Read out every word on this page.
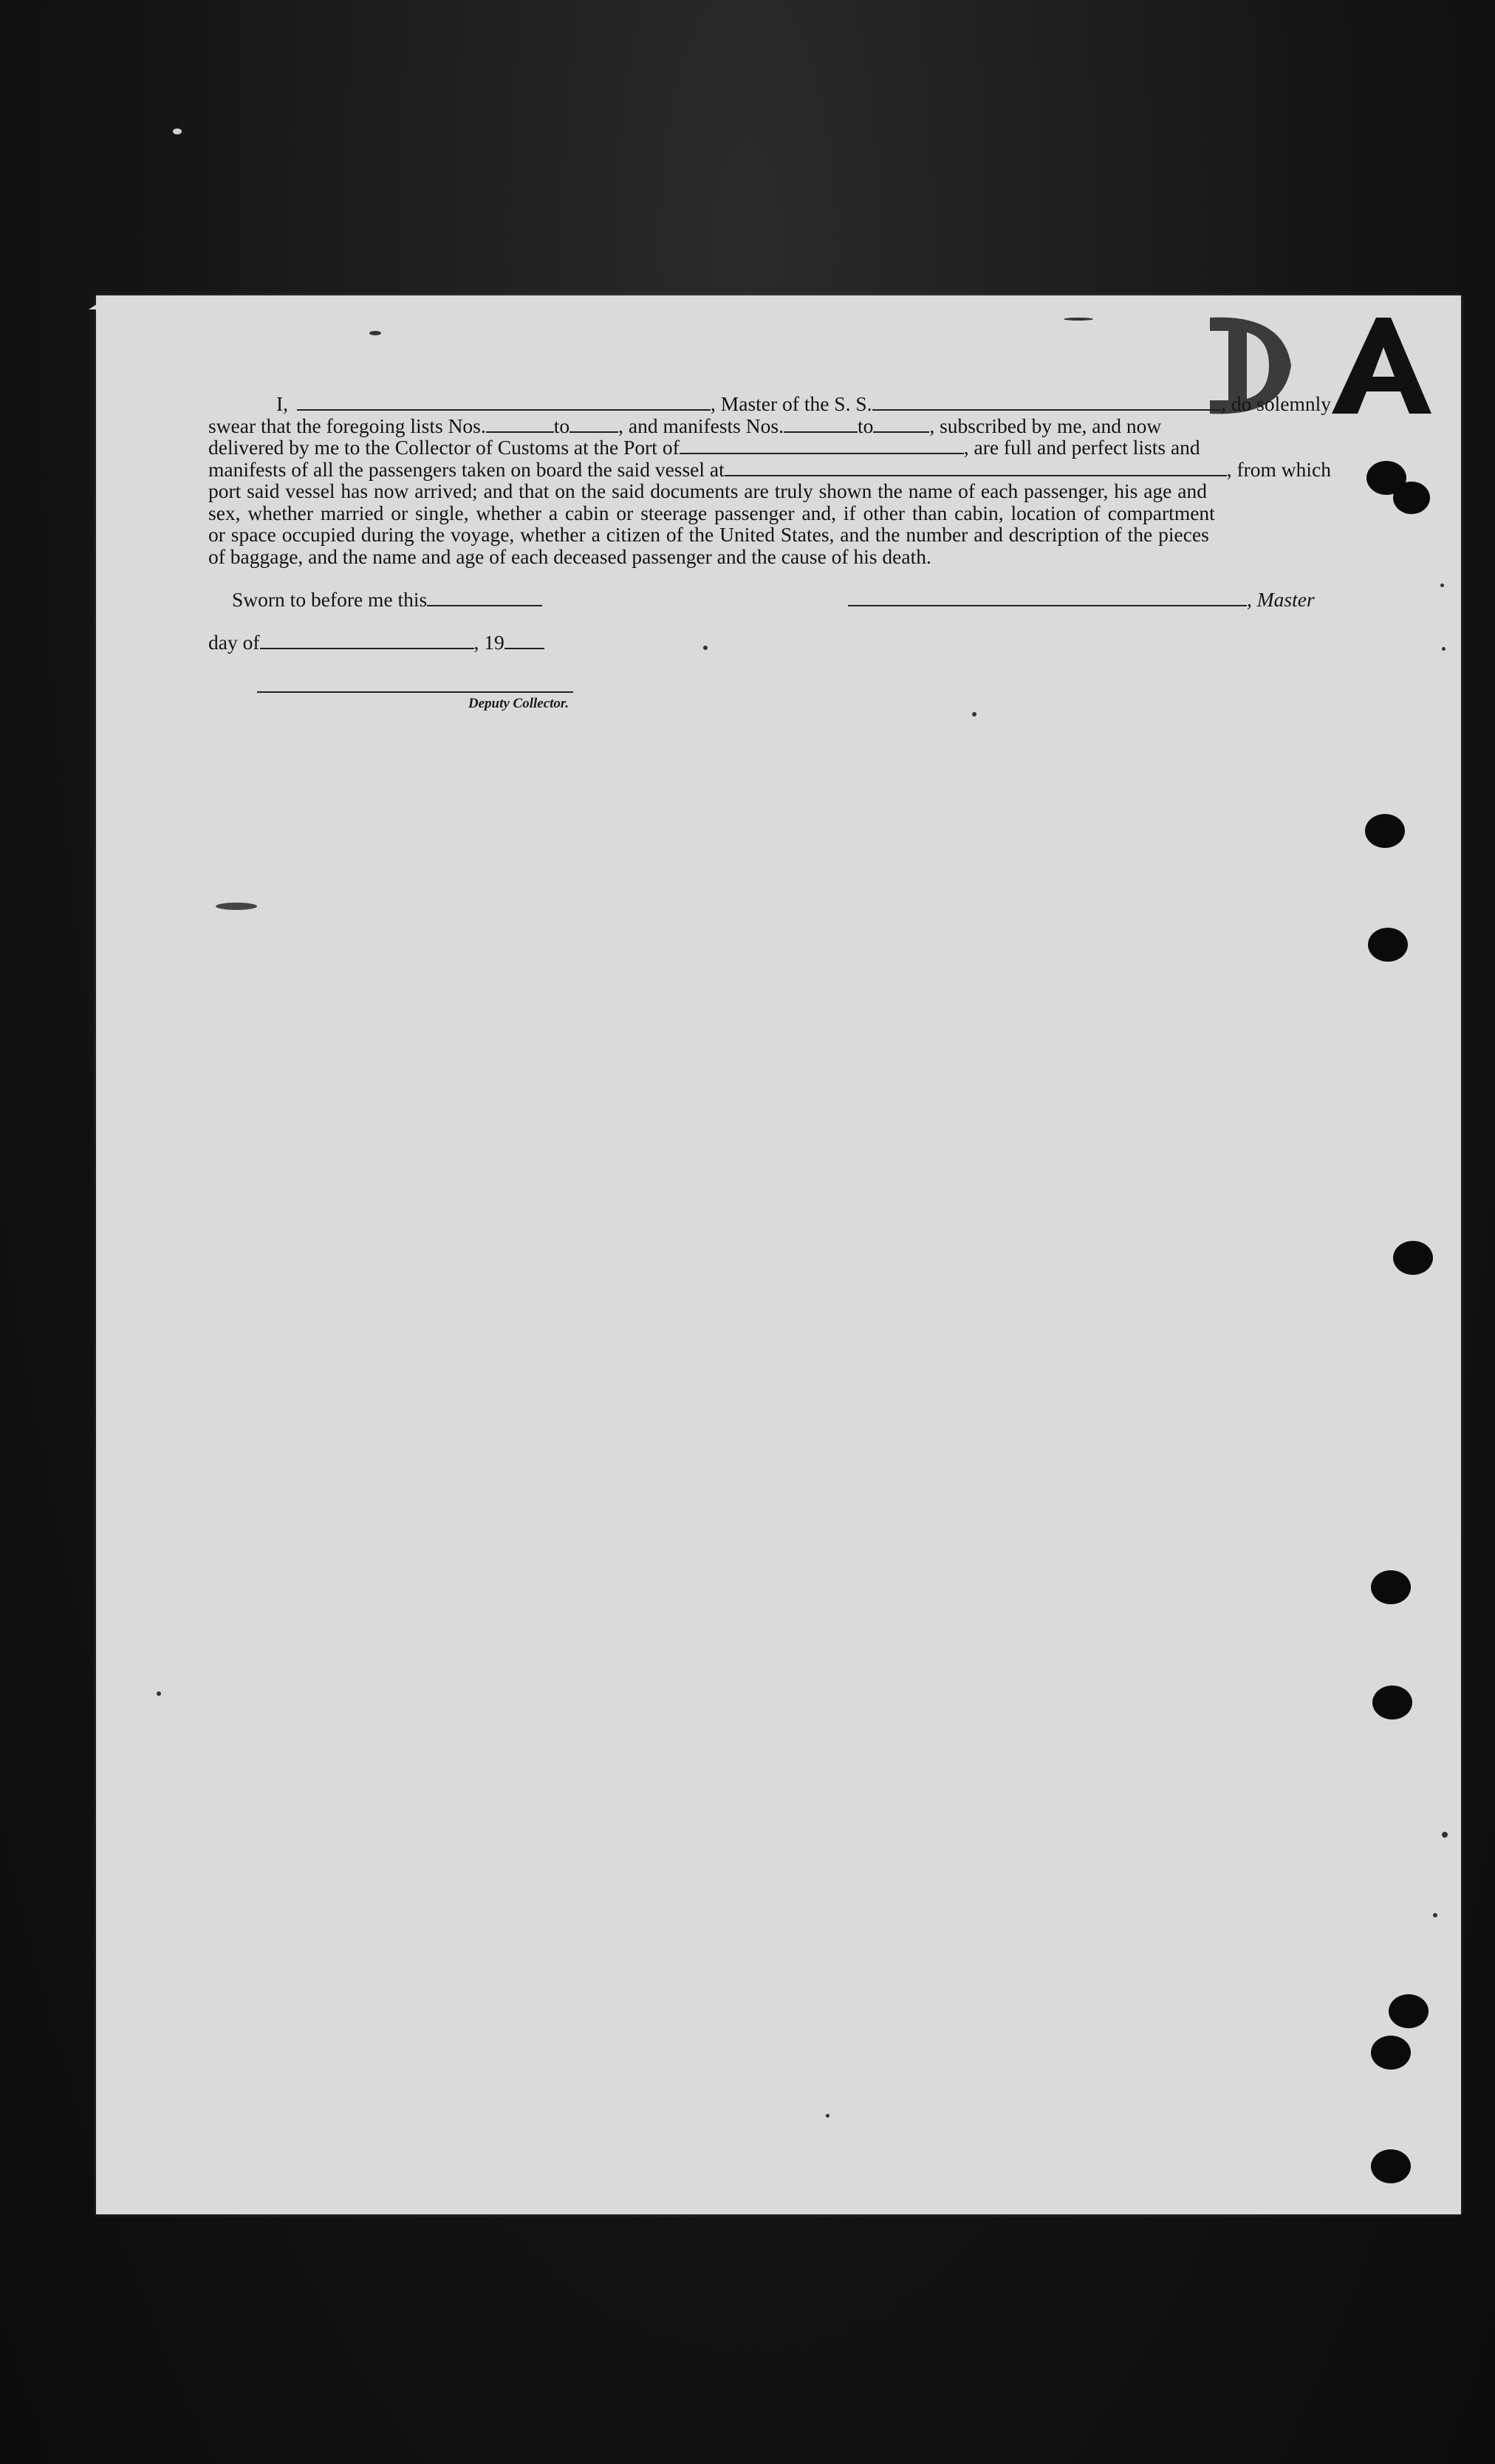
I,	, Master of the S. S.	, do solemnly
swear that the foregoing lists Nos.	to , and manifests Nos.	to	, subscribed by me, and now
delivered by me to the Collector of Customs at the Port of	, are full and perfect lists and
manifests of all the passengers taken on board the said vessel at	, from which
port said vessel has now arrived; and that on the said documents are truly shown the name of each passenger, his age and
sex, whether married or single, whether a cabin or steerage passenger and, if other than cabin, location of compartment
or space occupied during the voyage, whether a citizen of the United States, and the number and description of the pieces
of baggage, and the name and age of each deceased passenger and the cause of his death.
Sworn to before me this	, Master
day of	, 19
Deputy Collector.
